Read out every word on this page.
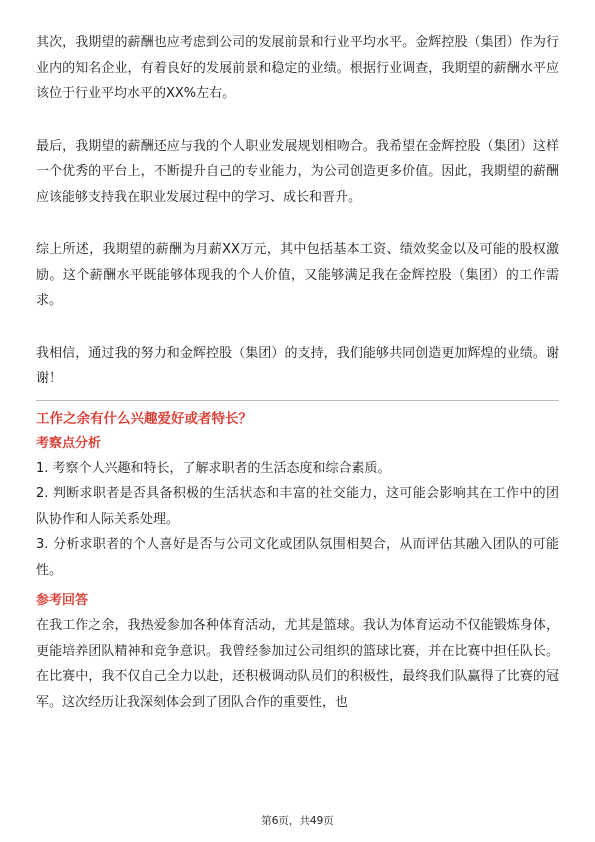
其次，我期望的薪酬也应考虑到公司的发展前景和行业平均水平。金辉控股（集团）作为行业内的知名企业，有着良好的发展前景和稳定的业绩。根据行业调查，我期望的薪酬水平应该位于行业平均水平的XX%左右。

最后，我期望的薪酬还应与我的个人职业发展规划相吻合。我希望在金辉控股（集团）这样一个优秀的平台上，不断提升自己的专业能力，为公司创造更多价值。因此，我期望的薪酬应该能够支持我在职业发展过程中的学习、成长和晋升。

综上所述，我期望的薪酬为月薪XX万元，其中包括基本工资、绩效奖金以及可能的股权激励。这个薪酬水平既能够体现我的个人价值，又能够满足我在金辉控股（集团）的工作需求。

我相信，通过我的努力和金辉控股（集团）的支持，我们能够共同创造更加辉煌的业绩。谢谢！

工作之余有什么兴趣爱好或者特长？
考察点分析

1. 考察个人兴趣和特长，了解求职者的生活态度和综合素质。

2. 判断求职者是否具备积极的生活状态和丰富的社交能力，这可能会影响其在工作中的团队协作和人际关系处理。

3. 分析求职者的个人喜好是否与公司文化或团队氛围相契合，从而评估其融入团队的可能性。

参考回答

在我工作之余，我热爱参加各种体育活动，尤其是篮球。我认为体育运动不仅能锻炼身体，更能培养团队精神和竞争意识。我曾经参加过公司组织的篮球比赛，并在比赛中担任队长。在比赛中，我不仅自己全力以赴，还积极调动队员们的积极性，最终我们队赢得了比赛的冠军。这次经历让我深刻体会到了团队合作的重要性，也

第6页，共49页
